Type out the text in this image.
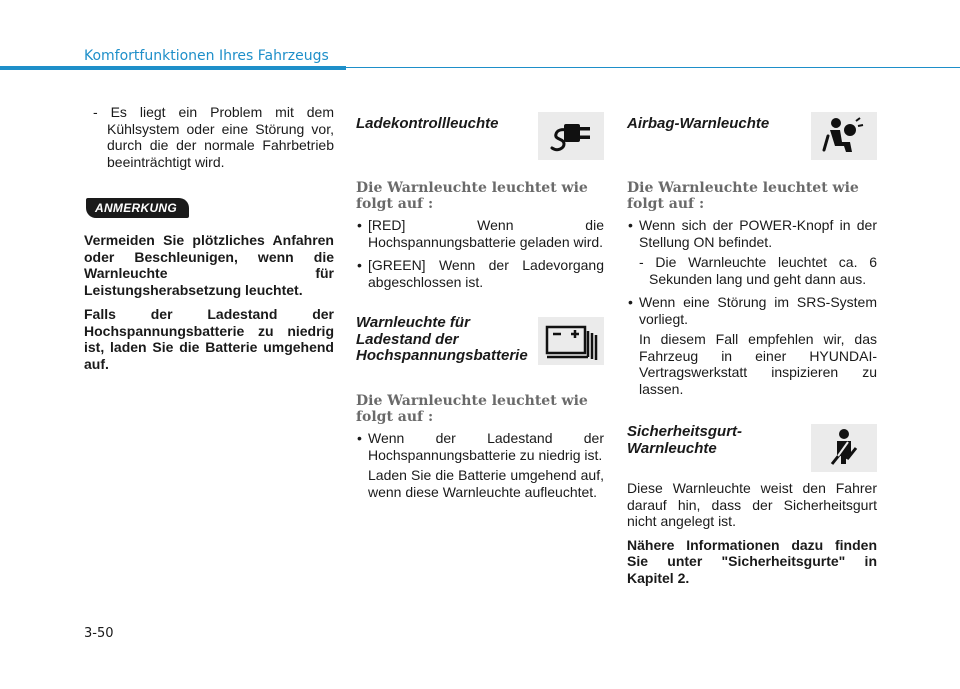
Komfortfunktionen Ihres Fahrzeugs

- Es liegt ein Problem mit dem Kühlsystem oder eine Störung vor, durch die der normale Fahrbetrieb beeinträchtigt wird.

ANMERKUNG

Vermeiden Sie plötzliches Anfahren oder Beschleunigen, wenn die Warnleuchte für Leistungsherabsetzung leuchtet.

Falls der Ladestand der Hochspannungsbatterie zu niedrig ist, laden Sie die Batterie umgehend auf.

Ladekontrollleuchte

Die Warnleuchte leuchtet wie folgt auf :

• [RED] Wenn die Hochspannungsbatterie geladen wird.

• [GREEN] Wenn der Ladevorgang abgeschlossen ist.

Warnleuchte für

Ladestand der

Hochspannungsbatterie

Die Warnleuchte leuchtet wie folgt auf :

• Wenn der Ladestand der Hochspannungsbatterie zu niedrig ist.

Laden Sie die Batterie umgehend auf, wenn diese Warnleuchte aufleuchtet.

Airbag-Warnleuchte

Die Warnleuchte leuchtet wie folgt auf :

• Wenn sich der POWER-Knopf in der Stellung ON befindet.

- Die Warnleuchte leuchtet ca. 6 Sekunden lang und geht dann aus.

• Wenn eine Störung im SRS-System vorliegt.

In diesem Fall empfehlen wir, das Fahrzeug in einer HYUNDAI-Vertragswerkstatt inspizieren zu lassen.

Sicherheitsgurt-

Warnleuchte

Diese Warnleuchte weist den Fahrer darauf hin, dass der Sicherheitsgurt nicht angelegt ist.

Nähere Informationen dazu finden Sie unter "Sicherheitsgurte" in Kapitel 2.

3-50
